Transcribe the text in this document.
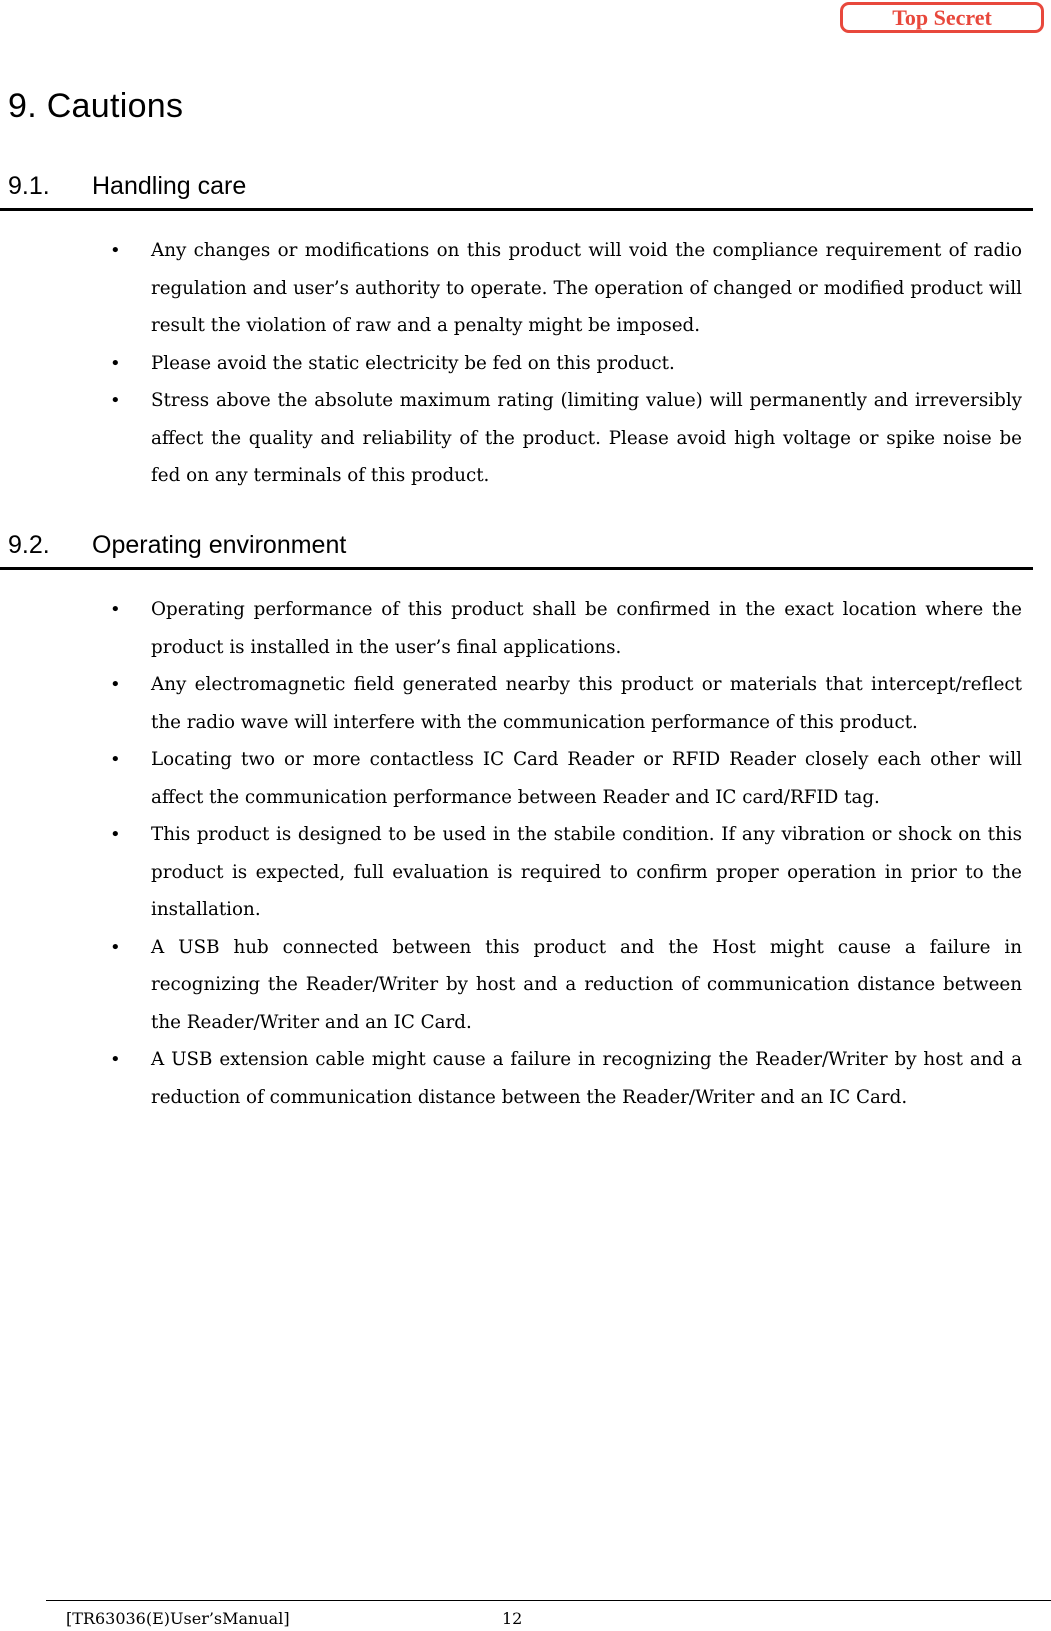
Top Secret
9. Cautions
9.1. Handling care
• Any changes or modifications on this product will void the compliance requirement of radio regulation and user’s authority to operate. The operation of changed or modified product will result the violation of raw and a penalty might be imposed.
• Please avoid the static electricity be fed on this product.
• Stress above the absolute maximum rating (limiting value) will permanently and irreversibly affect the quality and reliability of the product. Please avoid high voltage or spike noise be fed on any terminals of this product.
9.2. Operating environment
• Operating performance of this product shall be confirmed in the exact location where the product is installed in the user’s final applications.
• Any electromagnetic field generated nearby this product or materials that intercept/reflect the radio wave will interfere with the communication performance of this product.
• Locating two or more contactless IC Card Reader or RFID Reader closely each other will affect the communication performance between Reader and IC card/RFID tag.
• This product is designed to be used in the stabile condition. If any vibration or shock on this product is expected, full evaluation is required to confirm proper operation in prior to the installation.
• A USB hub connected between this product and the Host might cause a failure in recognizing the Reader/Writer by host and a reduction of communication distance between the Reader/Writer and an IC Card.
• A USB extension cable might cause a failure in recognizing the Reader/Writer by host and a reduction of communication distance between the Reader/Writer and an IC Card.
[TR63036(E)User’sManual]	12
